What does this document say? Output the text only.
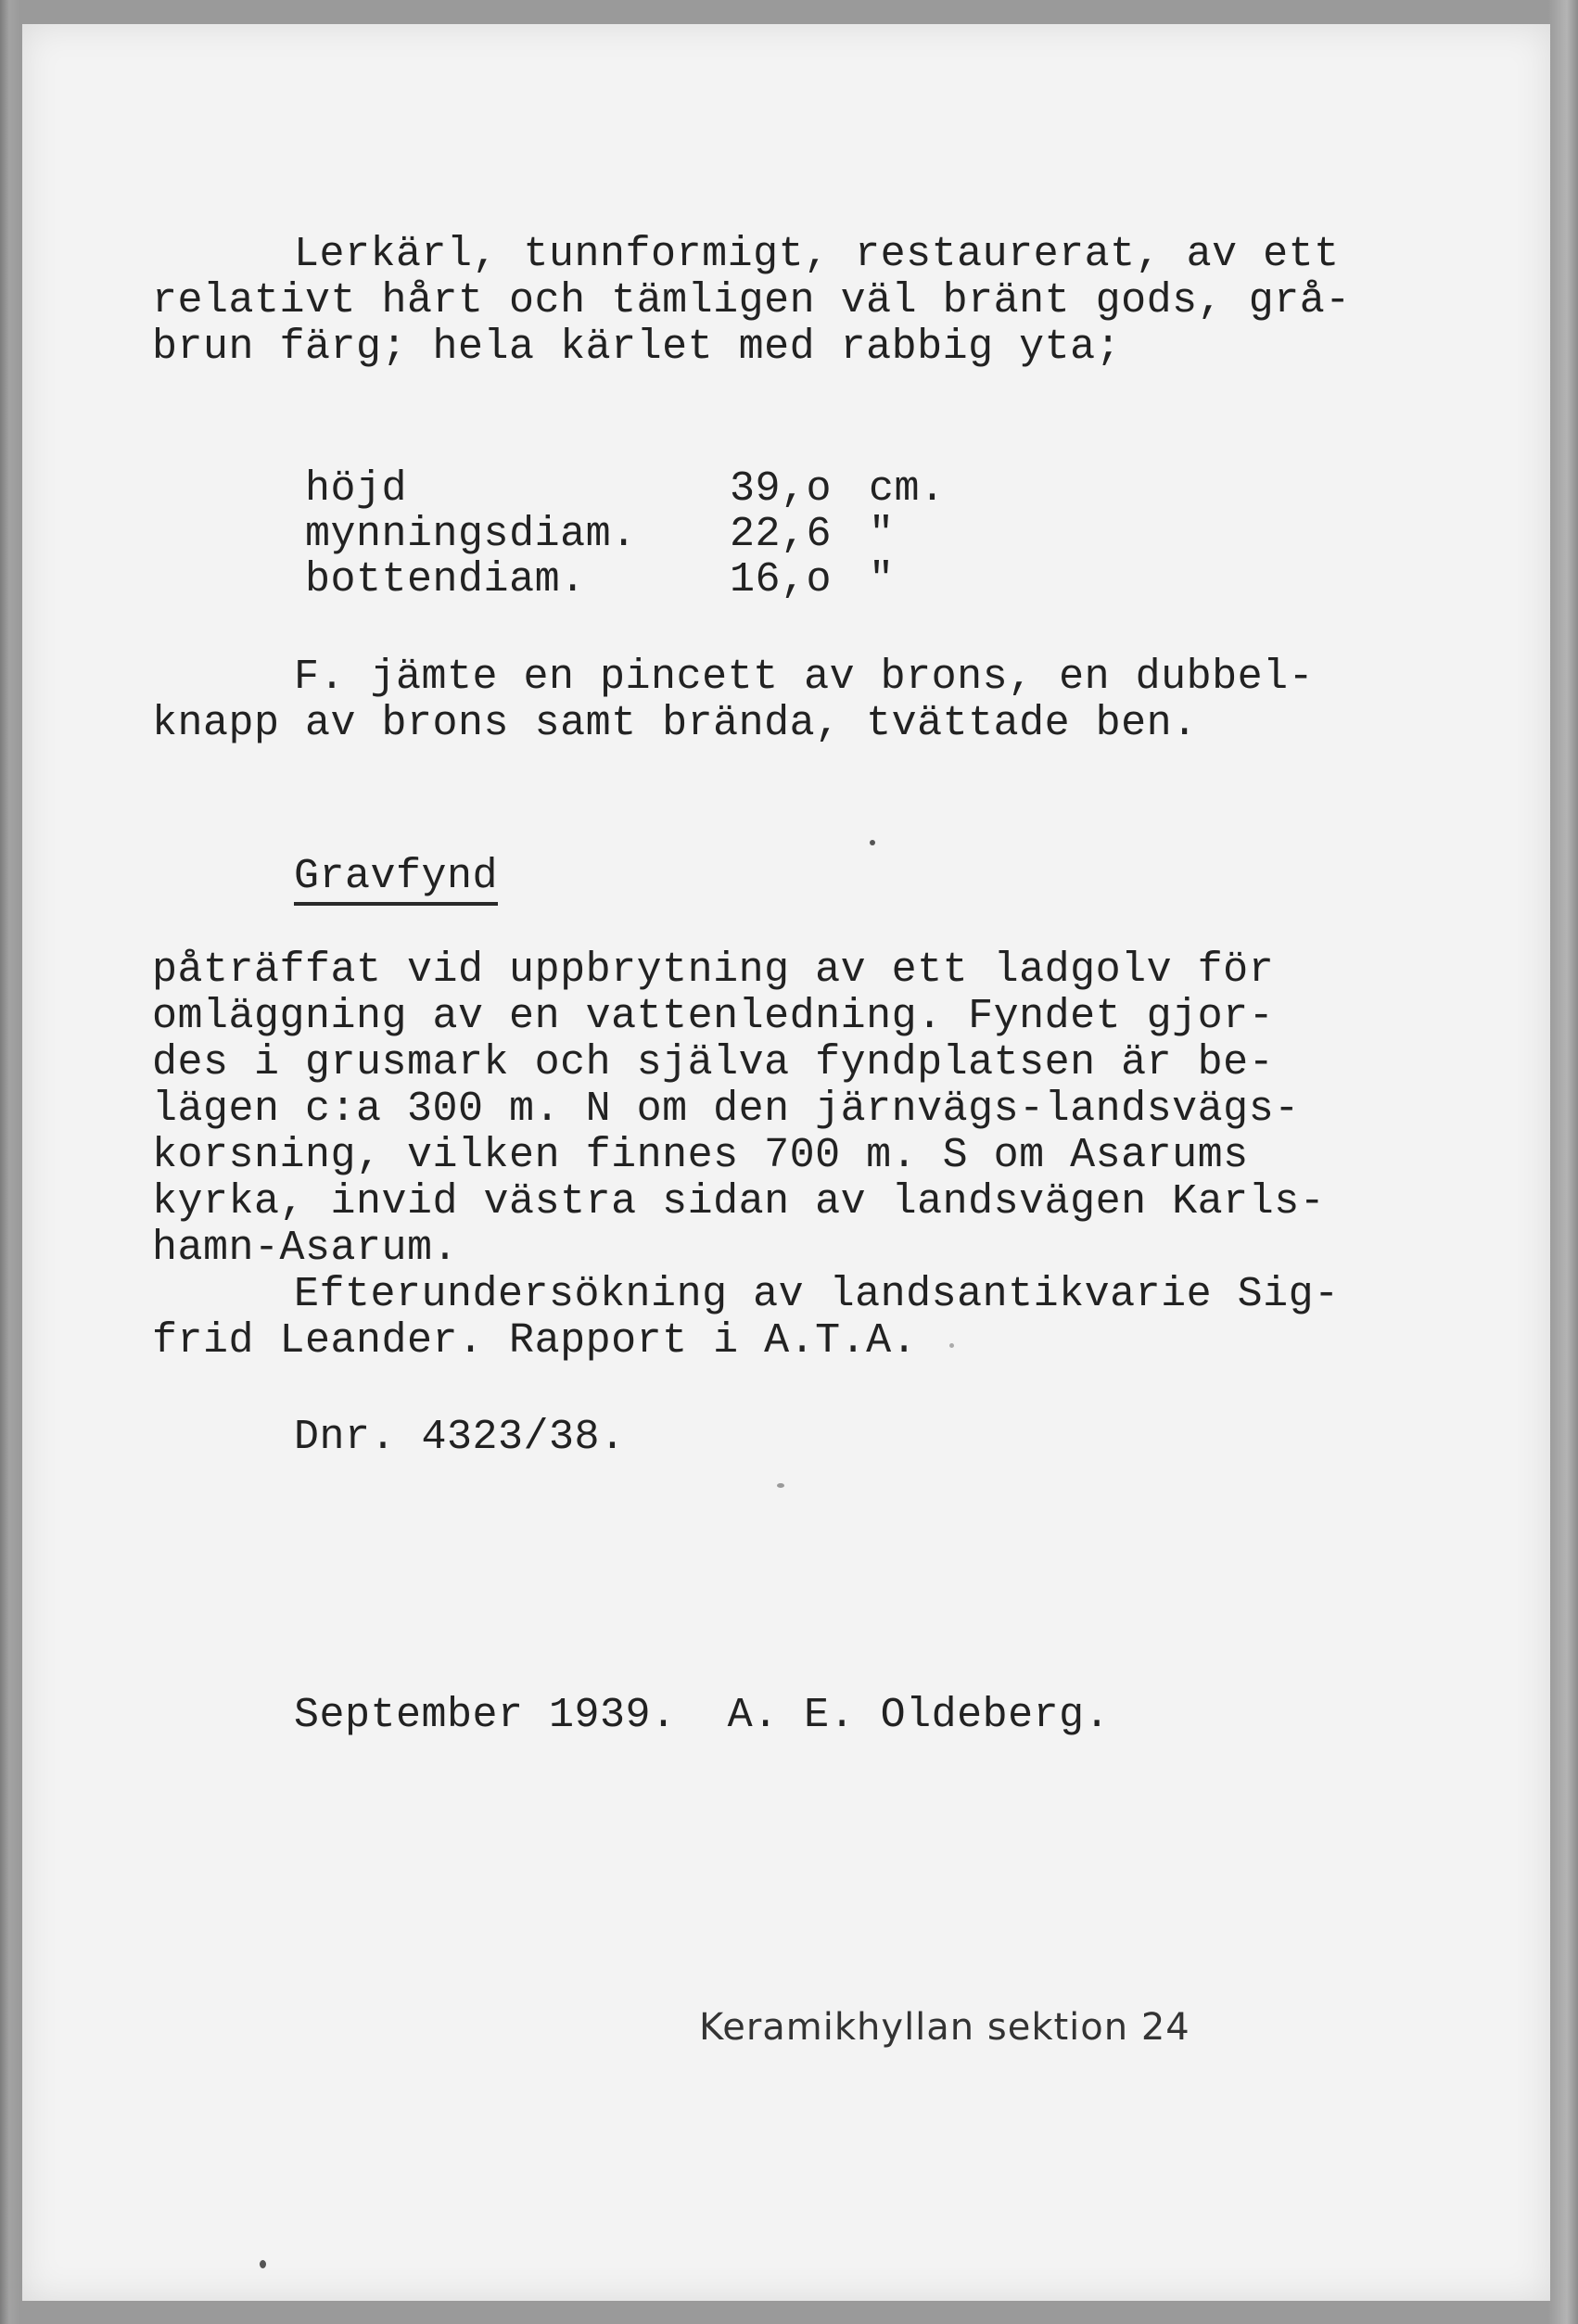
Lerkärl, tunnformigt, restaurerat, av ett
relativt hårt och tämligen väl bränt gods, grå-
brun färg; hela kärlet med rabbig yta;

höjd	39,o cm.

mynningsdiam. 22,6 "

bottendiam.	16,o "

F. jämte en pincett av brons, en dubbel-
knapp av brons samt brända, tvättade ben.
Gravfynd
påträffat vid uppbrytning av ett ladgolv för
omläggning av en vattenledning. Fyndet gjor-
des i grusmark och själva fyndplatsen är be-
lägen c:a 300 m. N om den järnvägs-landsvägs-
korsning, vilken finnes 700 m. S om Asarums
kyrka, invid västra sidan av landsvägen Karls-
hamn-Asarum.
Efterundersökning av landsantikvarie Sig-
frid Leander. Rapport i A.T.A.
Dnr. 4323/38.
September 1939.  A. E. Oldeberg.
Keramikhyllan sektion 24
